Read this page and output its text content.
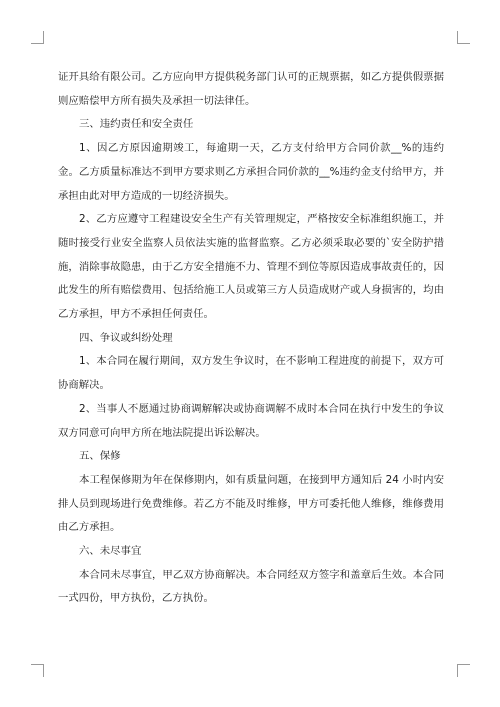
证开具给有限公司。乙方应向甲方提供税务部门认可的正规票据，如乙方提供假票据则应赔偿甲方所有损失及承担一切法律任。

三、违约责任和安全责任

1、因乙方原因逾期竣工，每逾期一天，乙方支付给甲方合同价款__%的违约金。乙方质量标准达不到甲方要求则乙方承担合同价款的__%违约金支付给甲方，并承担由此对甲方造成的一切经济损失。

2、乙方应遵守工程建设安全生产有关管理规定，严格按安全标准组织施工，并随时接受行业安全监察人员依法实施的监督监察。乙方必须采取必要的`安全防护措施，消除事故隐患，由于乙方安全措施不力、管理不到位等原因造成事故责任的，因此发生的所有赔偿费用、包括给施工人员或第三方人员造成财产或人身损害的，均由乙方承担，甲方不承担任何责任。

四、争议或纠纷处理

1、本合同在履行期间，双方发生争议时，在不影响工程进度的前提下，双方可协商解决。

2、当事人不愿通过协商调解解决或协商调解不成时本合同在执行中发生的争议双方同意可向甲方所在地法院提出诉讼解决。

五、保修

本工程保修期为年在保修期内，如有质量问题，在接到甲方通知后 24 小时内安排人员到现场进行免费维修。若乙方不能及时维修，甲方可委托他人维修，维修费用由乙方承担。

六、未尽事宜

本合同未尽事宜，甲乙双方协商解决。本合同经双方签字和盖章后生效。本合同一式四份，甲方执份，乙方执份。
